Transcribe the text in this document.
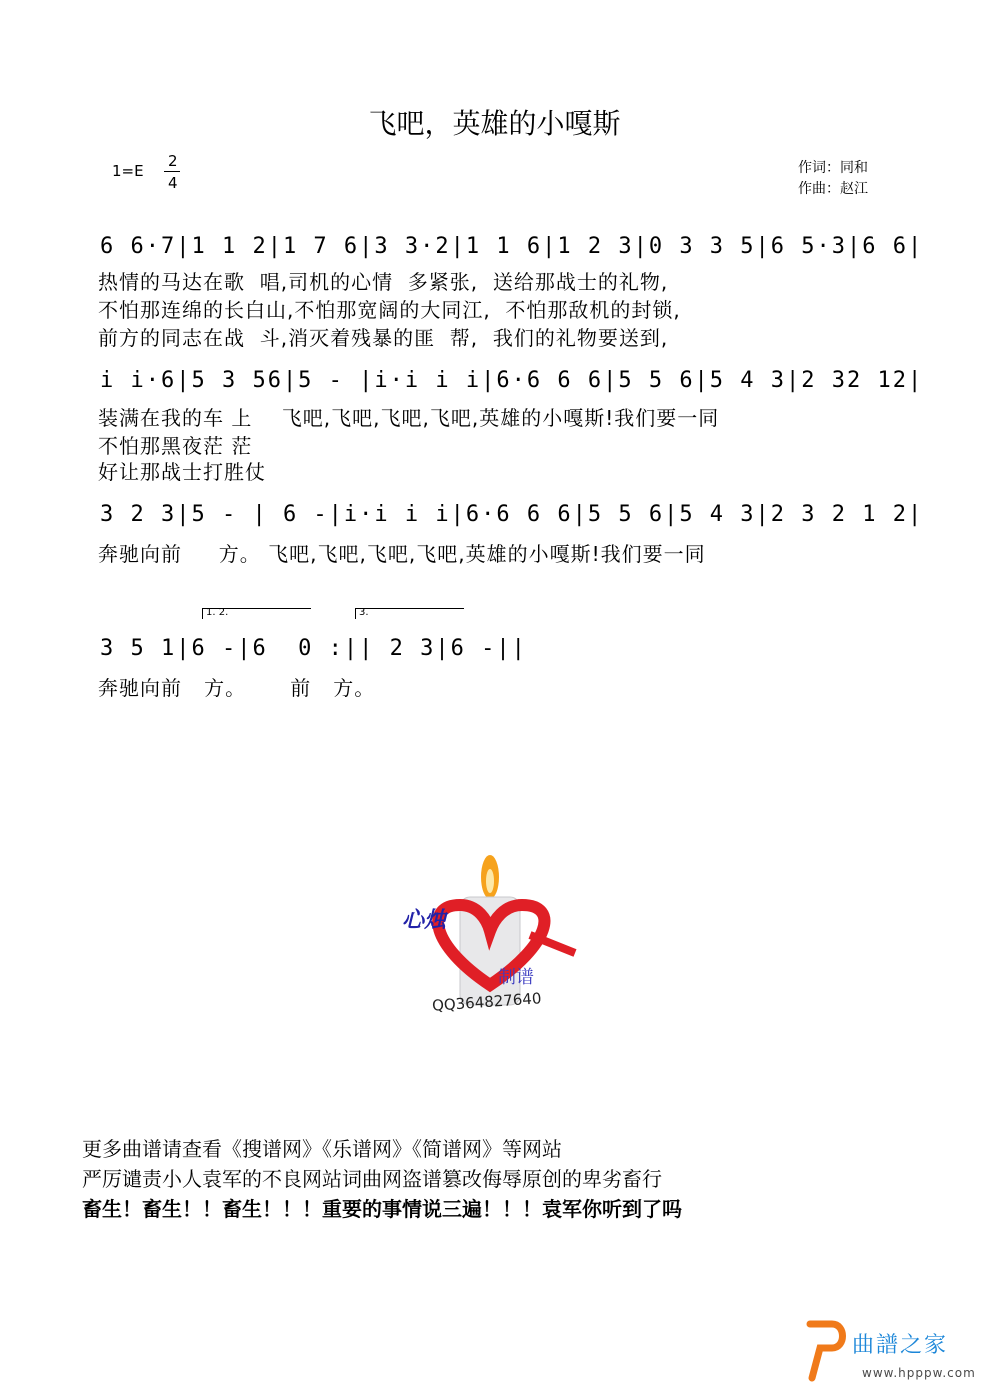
飞吧，英雄的小嘎斯
1=E
2
4
作词：同和
作曲：赵江
6 6·7|1 1 2|1 7 6|3 3·2|1 1 6|1 2 3|0 3 3 5|6 5·3|6 6|
热情的马达在歌  唱,司机的心情  多紧张,  送给那战士的礼物,
不怕那连绵的长白山,不怕那宽阔的大同江,  不怕那敌机的封锁,
前方的同志在战  斗,消灭着残暴的匪  帮,  我们的礼物要送到,
i i·6|5 3 56|5 - |i·i i i|6·6 6 6|5 5 6|5 4 3|2 32 12|
装满在我的车 上    飞吧,飞吧,飞吧,飞吧,英雄的小嘎斯!我们要一同
不怕那黑夜茫 茫
好让那战士打胜仗
3 2 3|5 - | 6 -|i·i i i|6·6 6 6|5 5 6|5 4 3|2 3 2 1 2|
奔驰向前     方。 飞吧,飞吧,飞吧,飞吧,英雄的小嘎斯!我们要一同
1. 2.	3.
3 5 1|6 -|6  0 :|| 2 3|6 -||
奔驰向前   方。      前   方。
心烛
制谱
QQ364827640
更多曲谱请查看《搜谱网》《乐谱网》《简谱网》等网站
严厉谴责小人袁军的不良网站词曲网盗谱篡改侮辱原创的卑劣畜行
畜生！畜生！！畜生！！！重要的事情说三遍！！！袁军你听到了吗
曲譜之家
www.hpppw.com
